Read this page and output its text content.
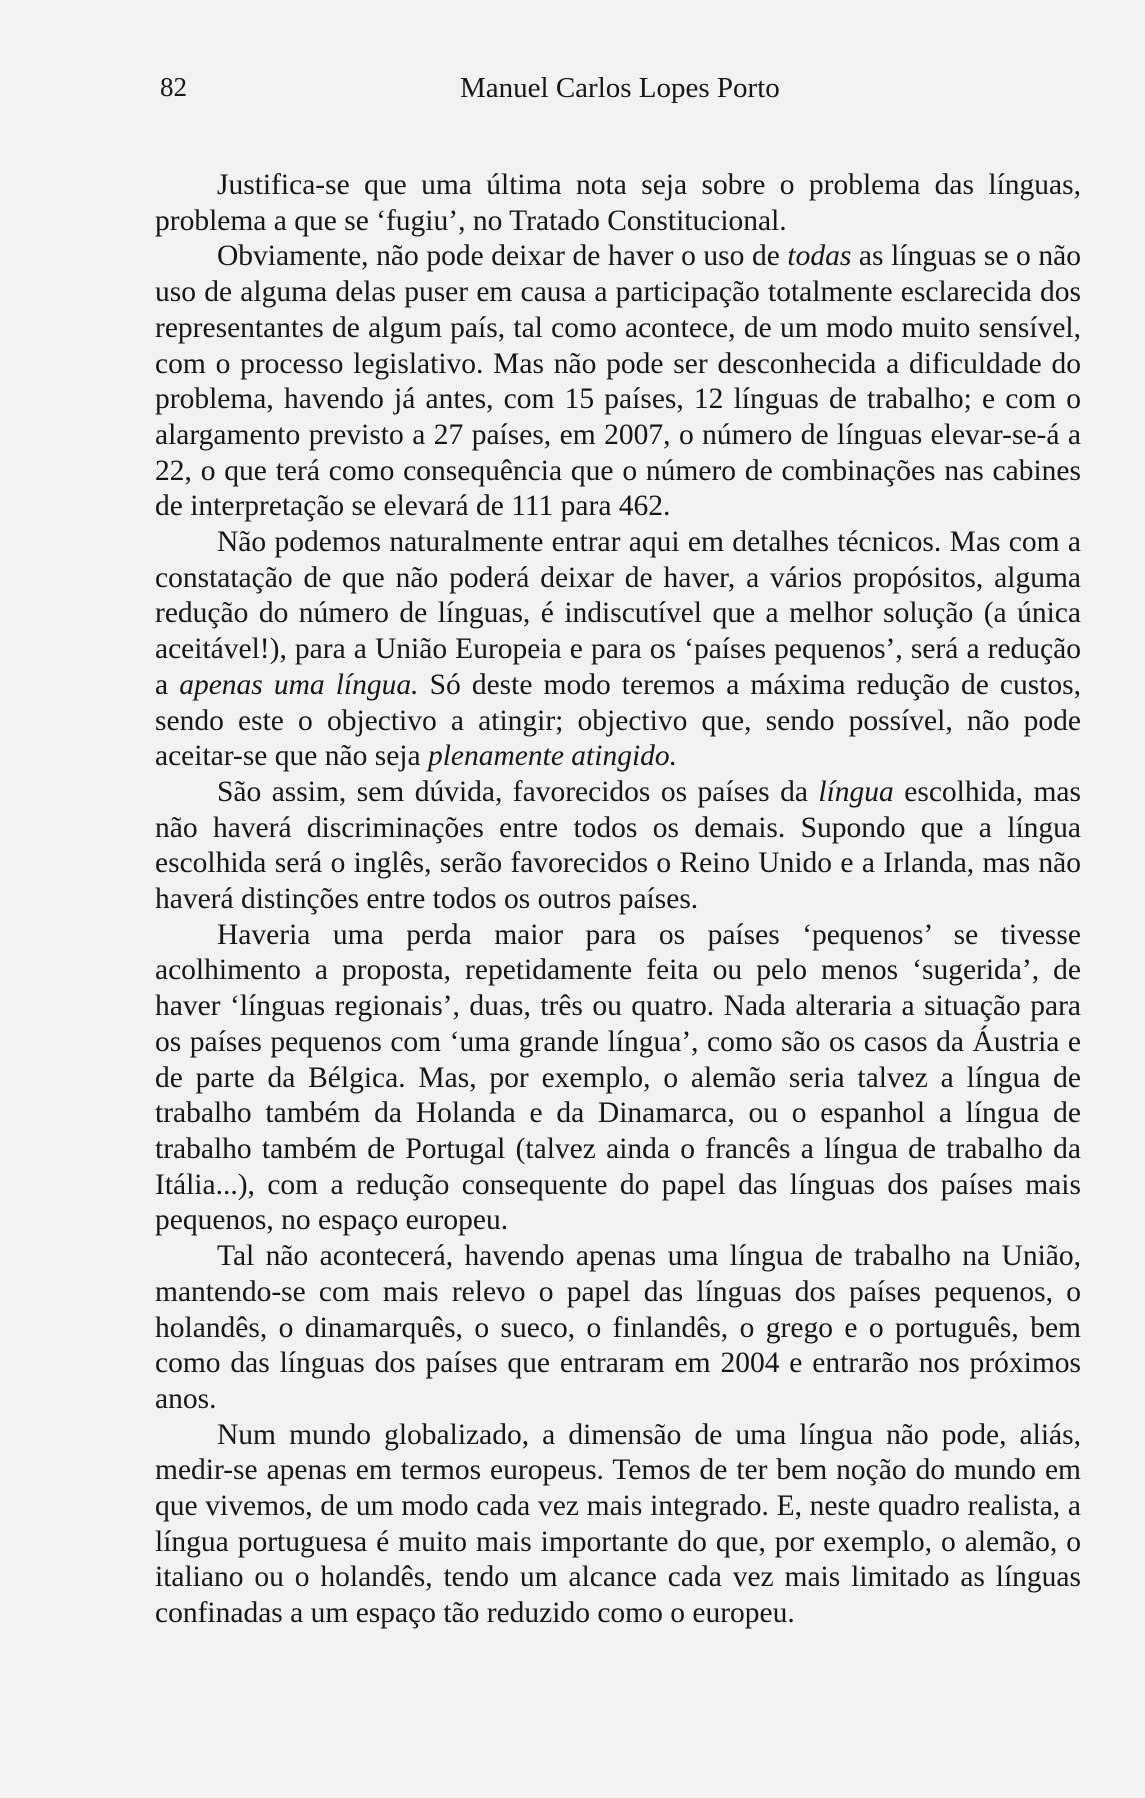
82	Manuel Carlos Lopes Porto

Justifica-se que uma última nota seja sobre o problema das línguas, problema a que se ‘fugiu’, no Tratado Constitucional.

Obviamente, não pode deixar de haver o uso de todas as línguas se o não uso de alguma delas puser em causa a participação totalmente esclarecida dos representantes de algum país, tal como acontece, de um modo muito sensível, com o processo legislativo. Mas não pode ser desconhecida a dificuldade do problema, havendo já antes, com 15 países, 12 línguas de trabalho; e com o alargamento previsto a 27 países, em 2007, o número de línguas elevar-se-á a 22, o que terá como consequência que o número de combinações nas cabines de interpretação se elevará de 111 para 462.

Não podemos naturalmente entrar aqui em detalhes técnicos. Mas com a constatação de que não poderá deixar de haver, a vários propósitos, alguma redução do número de línguas, é indiscutível que a melhor solução (a única aceitável!), para a União Europeia e para os ‘países pequenos’, será a redução a apenas uma língua. Só deste modo teremos a máxima redução de custos, sendo este o objectivo a atingir; objectivo que, sendo possível, não pode aceitar-se que não seja plenamente atingido.

São assim, sem dúvida, favorecidos os países da língua escolhida, mas não haverá discriminações entre todos os demais. Supondo que a língua escolhida será o inglês, serão favorecidos o Reino Unido e a Irlanda, mas não haverá distinções entre todos os outros países.

Haveria uma perda maior para os países ‘pequenos’ se tivesse acolhimento a proposta, repetidamente feita ou pelo menos ‘sugerida’, de haver ‘línguas regionais’, duas, três ou quatro. Nada alteraria a situação para os países pequenos com ‘uma grande língua’, como são os casos da Áustria e de parte da Bélgica. Mas, por exemplo, o alemão seria talvez a língua de trabalho também da Holanda e da Dinamarca, ou o espanhol a língua de trabalho também de Portugal (talvez ainda o francês a língua de trabalho da Itália...), com a redução consequente do papel das línguas dos países mais pequenos, no espaço europeu.

Tal não acontecerá, havendo apenas uma língua de trabalho na União, mantendo-se com mais relevo o papel das línguas dos países pequenos, o holandês, o dinamarquês, o sueco, o finlandês, o grego e o português, bem como das línguas dos países que entraram em 2004 e entrarão nos próximos anos.

Num mundo globalizado, a dimensão de uma língua não pode, aliás, medir-se apenas em termos europeus. Temos de ter bem noção do mundo em que vivemos, de um modo cada vez mais integrado. E, neste quadro realista, a língua portuguesa é muito mais importante do que, por exemplo, o alemão, o italiano ou o holandês, tendo um alcance cada vez mais limitado as línguas confinadas a um espaço tão reduzido como o europeu.
